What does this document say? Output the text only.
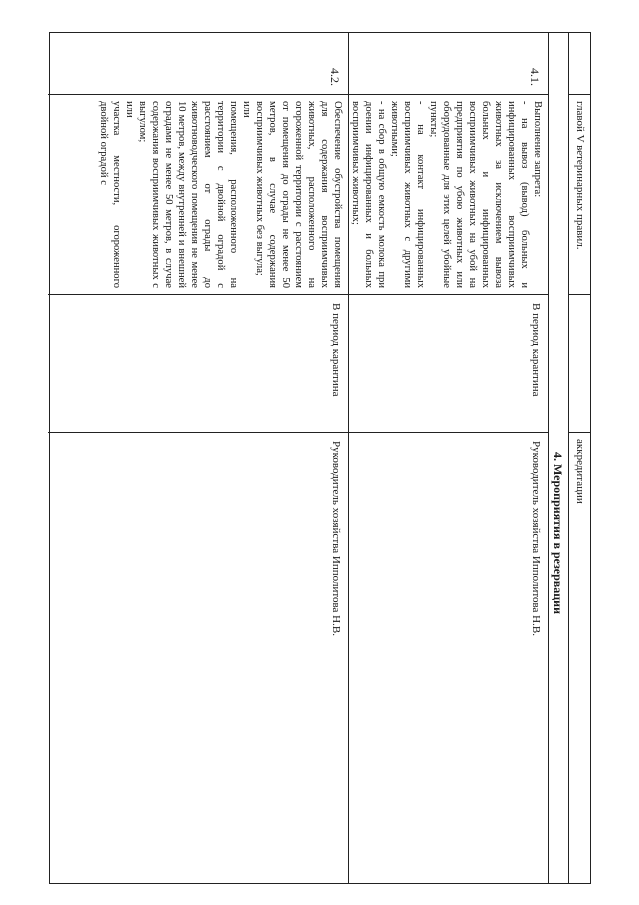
главой V ветеринарных правил.
аккредитации
4. Мероприятия в резервации
4.1.
Выполнение запрета:
- на вывоз (вывод) больных и инфицированных восприимчивых животных за исключением вывоза больных и инфицированных восприимчивых животных на убой на предприятия по убою животных или оборудованные для этих целей убойные пункты;
- на контакт инфицированных восприимчивых животных с другими животными;
- на сбор в общую емкость молока при доении инфицированных и больных восприимчивых животных;
В период карантина
Руководитель хозяйства Ипполитова Н.В.
4.2.
Обеспечение обустройства помещения для содержания восприимчивых животных, расположенного на огороженной территории с расстоянием от помещения до ограды не менее 50 метров, в случае содержания восприимчивых животных без выгула;
или
помещения, расположенного на территории с двойной оградой с расстоянием от ограды до животноводческого помещения не менее 10 метров, между внутренней и внешней оградами не менее 50 метров, в случае содержания восприимчивых животных с выгулом;
или
участка местности, огороженного двойной оградой с
В период карантина
Руководитель хозяйства Ипполитова Н.В.
